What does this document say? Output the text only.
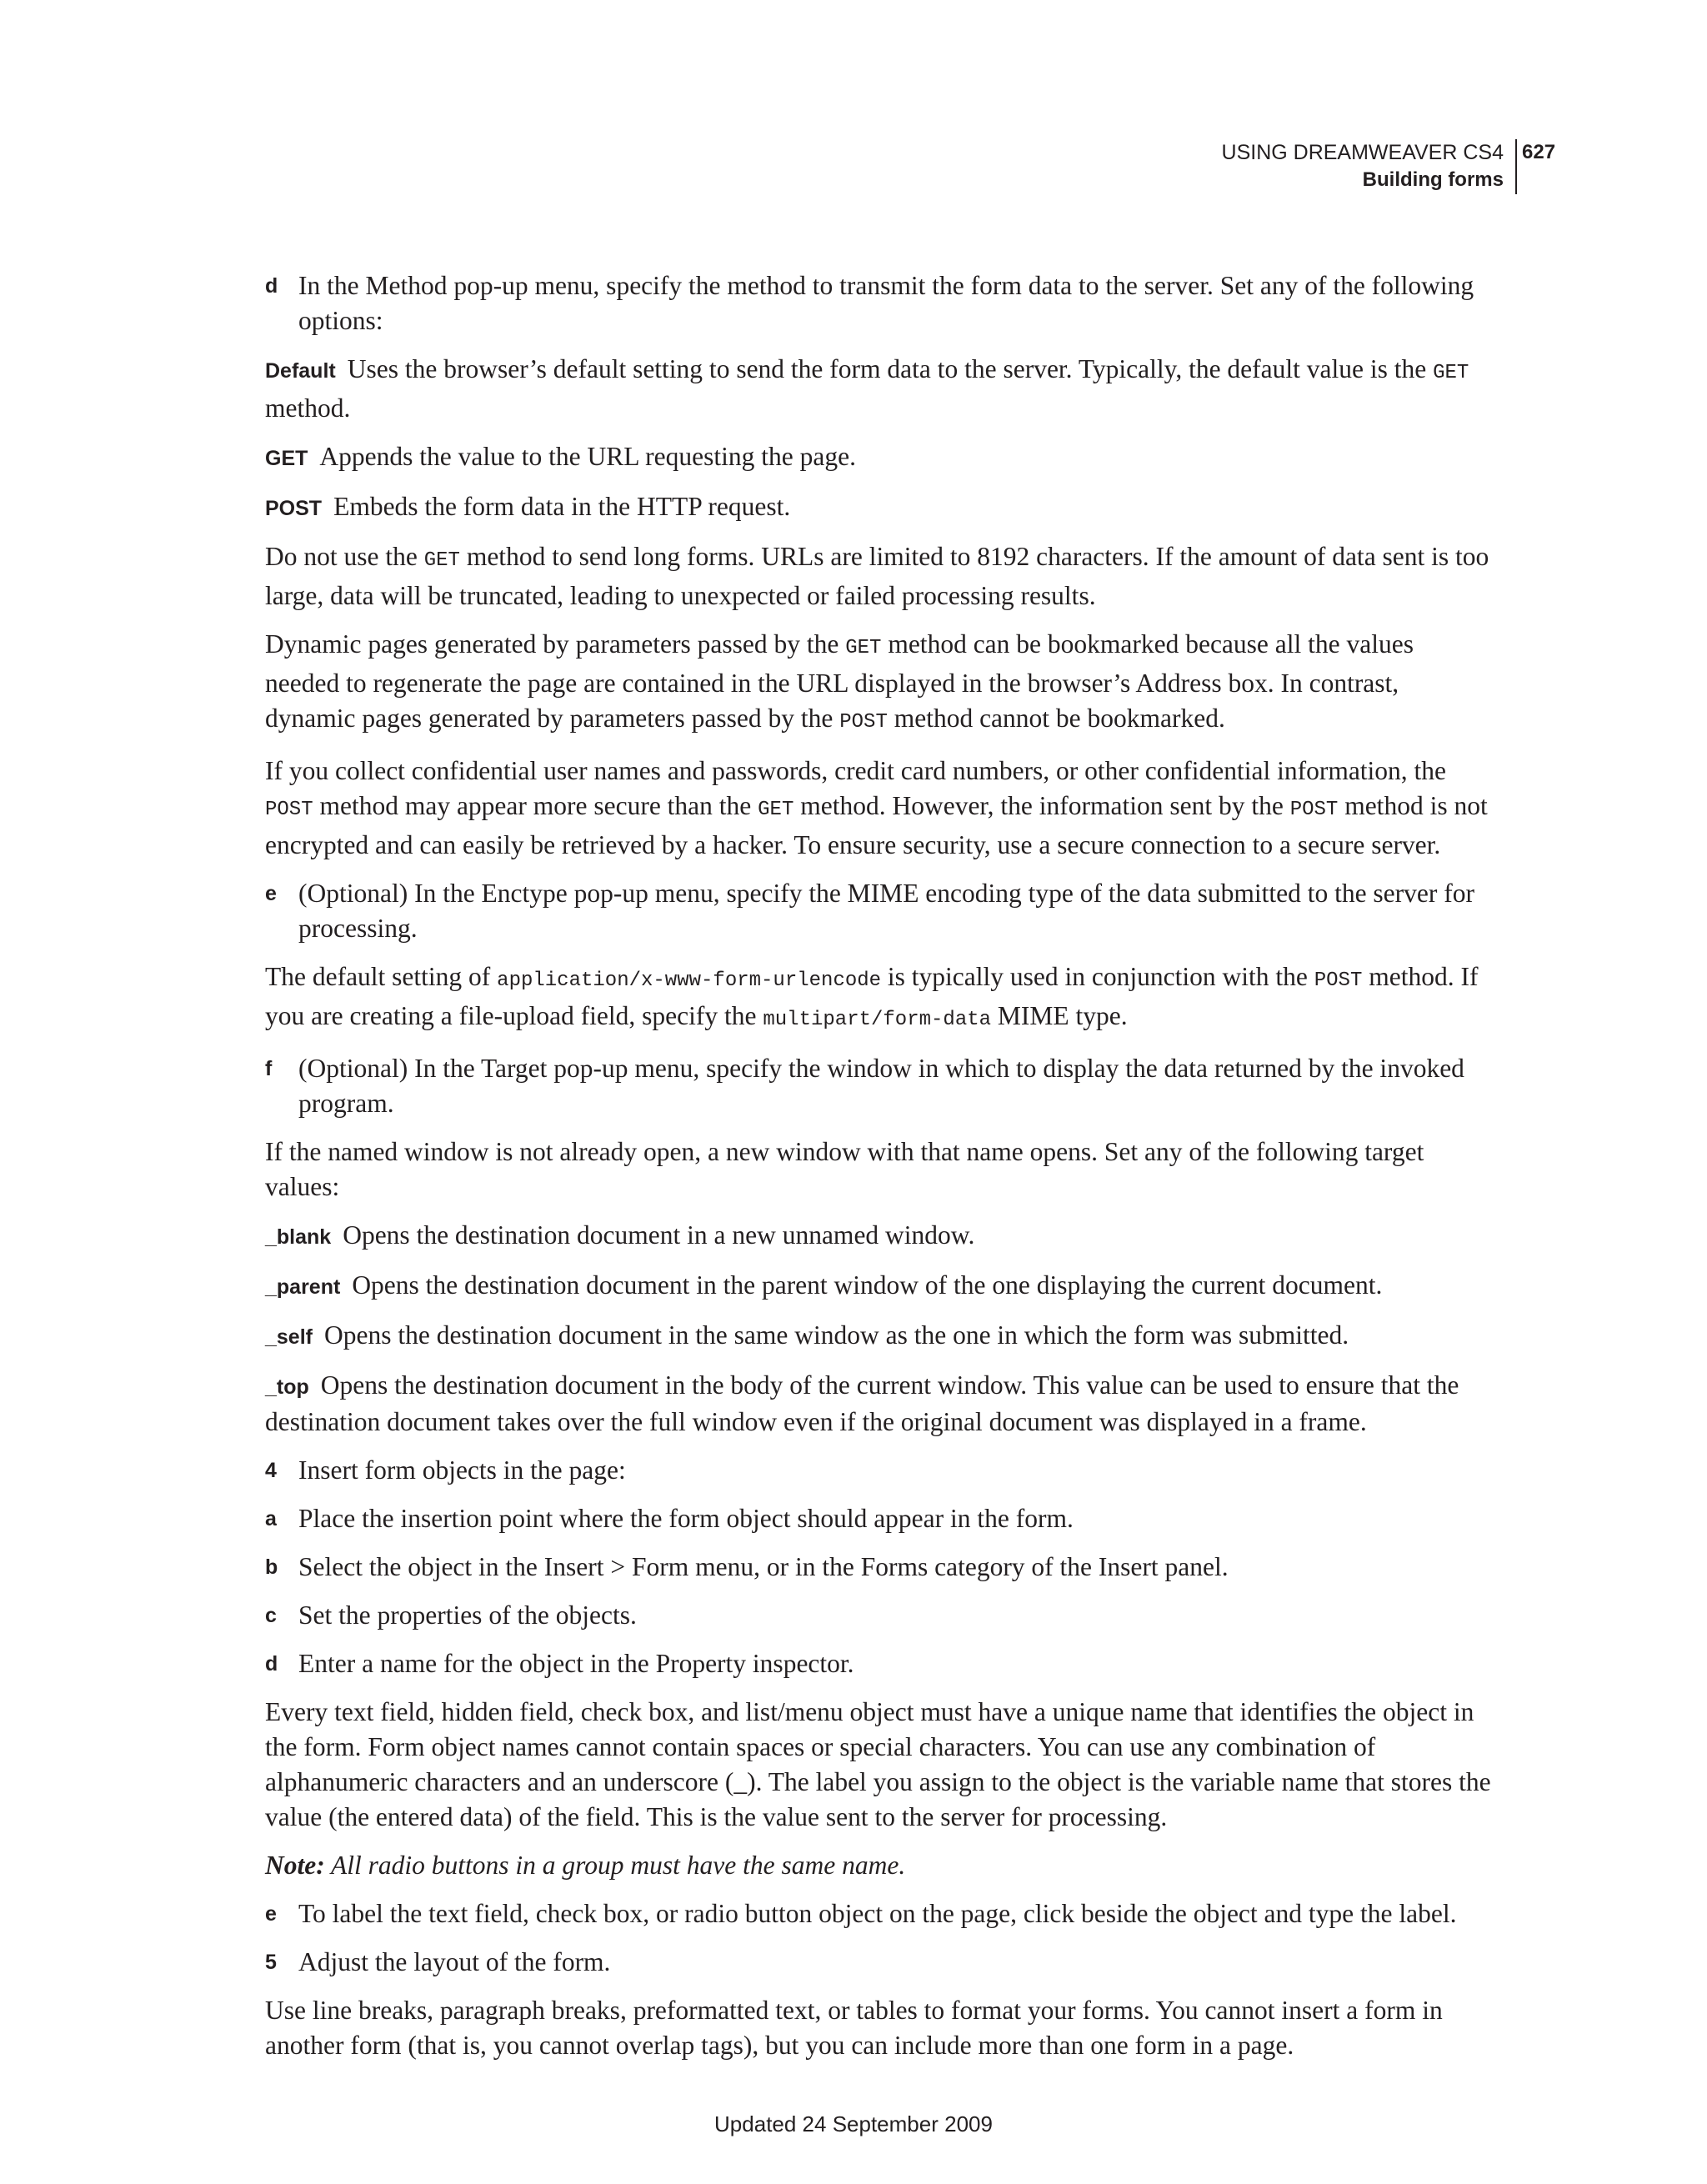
USING DREAMWEAVER CS4
Building forms
627
d In the Method pop-up menu, specify the method to transmit the form data to the server. Set any of the following options:
Default Uses the browser’s default setting to send the form data to the server. Typically, the default value is the GET method.
GET Appends the value to the URL requesting the page.
POST Embeds the form data in the HTTP request.
Do not use the GET method to send long forms. URLs are limited to 8192 characters. If the amount of data sent is too large, data will be truncated, leading to unexpected or failed processing results.
Dynamic pages generated by parameters passed by the GET method can be bookmarked because all the values needed to regenerate the page are contained in the URL displayed in the browser’s Address box. In contrast, dynamic pages generated by parameters passed by the POST method cannot be bookmarked.
If you collect confidential user names and passwords, credit card numbers, or other confidential information, the POST method may appear more secure than the GET method. However, the information sent by the POST method is not encrypted and can easily be retrieved by a hacker. To ensure security, use a secure connection to a secure server.
e (Optional) In the Enctype pop-up menu, specify the MIME encoding type of the data submitted to the server for processing.
The default setting of application/x-www-form-urlencode is typically used in conjunction with the POST method. If you are creating a file-upload field, specify the multipart/form-data MIME type.
f (Optional) In the Target pop-up menu, specify the window in which to display the data returned by the invoked program.
If the named window is not already open, a new window with that name opens. Set any of the following target values:
_blank Opens the destination document in a new unnamed window.
_parent Opens the destination document in the parent window of the one displaying the current document.
_self Opens the destination document in the same window as the one in which the form was submitted.
_top Opens the destination document in the body of the current window. This value can be used to ensure that the destination document takes over the full window even if the original document was displayed in a frame.
4 Insert form objects in the page:
a Place the insertion point where the form object should appear in the form.
b Select the object in the Insert > Form menu, or in the Forms category of the Insert panel.
c Set the properties of the objects.
d Enter a name for the object in the Property inspector.
Every text field, hidden field, check box, and list/menu object must have a unique name that identifies the object in the form. Form object names cannot contain spaces or special characters. You can use any combination of alphanumeric characters and an underscore (_). The label you assign to the object is the variable name that stores the value (the entered data) of the field. This is the value sent to the server for processing.
Note: All radio buttons in a group must have the same name.
e To label the text field, check box, or radio button object on the page, click beside the object and type the label.
5 Adjust the layout of the form.
Use line breaks, paragraph breaks, preformatted text, or tables to format your forms. You cannot insert a form in another form (that is, you cannot overlap tags), but you can include more than one form in a page.
Updated 24 September 2009
